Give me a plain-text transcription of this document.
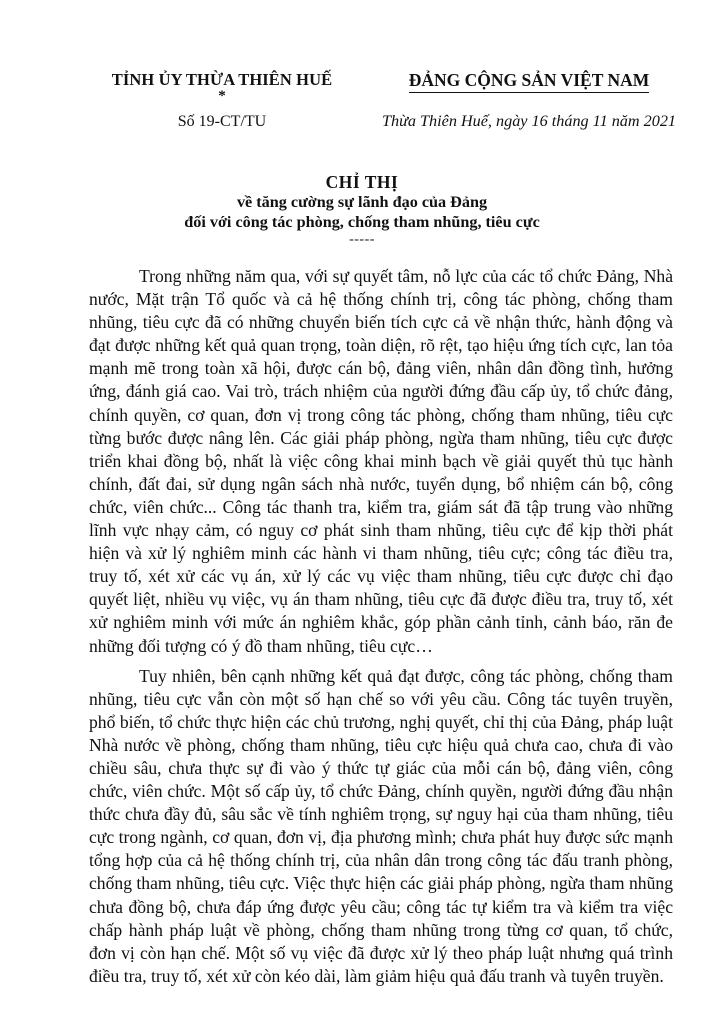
TỈNH ỦY THỪA THIÊN HUẾ
*
Số 19-CT/TU
ĐẢNG CỘNG SẢN VIỆT NAM
Thừa Thiên Huế, ngày 16 tháng 11 năm 2021
CHỈ THỊ
về tăng cường sự lãnh đạo của Đảng
đối với công tác phòng, chống tham nhũng, tiêu cực
-----

Trong những năm qua, với sự quyết tâm, nỗ lực của các tổ chức Đảng, Nhà nước, Mặt trận Tổ quốc và cả hệ thống chính trị, công tác phòng, chống tham nhũng, tiêu cực đã có những chuyển biến tích cực cả về nhận thức, hành động và đạt được những kết quả quan trọng, toàn diện, rõ rệt, tạo hiệu ứng tích cực, lan tỏa mạnh mẽ trong toàn xã hội, được cán bộ, đảng viên, nhân dân đồng tình, hưởng ứng, đánh giá cao. Vai trò, trách nhiệm của người đứng đầu cấp ủy, tổ chức đảng, chính quyền, cơ quan, đơn vị trong công tác phòng, chống tham nhũng, tiêu cực từng bước được nâng lên. Các giải pháp phòng, ngừa tham nhũng, tiêu cực được triển khai đồng bộ, nhất là việc công khai minh bạch về giải quyết thủ tục hành chính, đất đai, sử dụng ngân sách nhà nước, tuyển dụng, bổ nhiệm cán bộ, công chức, viên chức... Công tác thanh tra, kiểm tra, giám sát đã tập trung vào những lĩnh vực nhạy cảm, có nguy cơ phát sinh tham nhũng, tiêu cực để kịp thời phát hiện và xử lý nghiêm minh các hành vi tham nhũng, tiêu cực; công tác điều tra, truy tố, xét xử các vụ án, xử lý các vụ việc tham nhũng, tiêu cực được chỉ đạo quyết liệt, nhiều vụ việc, vụ án tham nhũng, tiêu cực đã được điều tra, truy tố, xét xử nghiêm minh với mức án nghiêm khắc, góp phần cảnh tỉnh, cảnh báo, răn đe những đối tượng có ý đồ tham nhũng, tiêu cực…

Tuy nhiên, bên cạnh những kết quả đạt được, công tác phòng, chống tham nhũng, tiêu cực vẫn còn một số hạn chế so với yêu cầu. Công tác tuyên truyền, phổ biến, tổ chức thực hiện các chủ trương, nghị quyết, chỉ thị của Đảng, pháp luật Nhà nước về phòng, chống tham nhũng, tiêu cực hiệu quả chưa cao, chưa đi vào chiều sâu, chưa thực sự đi vào ý thức tự giác của mỗi cán bộ, đảng viên, công chức, viên chức. Một số cấp ủy, tổ chức Đảng, chính quyền, người đứng đầu nhận thức chưa đầy đủ, sâu sắc về tính nghiêm trọng, sự nguy hại của tham nhũng, tiêu cực trong ngành, cơ quan, đơn vị, địa phương mình; chưa phát huy được sức mạnh tổng hợp của cả hệ thống chính trị, của nhân dân trong công tác đấu tranh phòng, chống tham nhũng, tiêu cực. Việc thực hiện các giải pháp phòng, ngừa tham nhũng chưa đồng bộ, chưa đáp ứng được yêu cầu; công tác tự kiểm tra và kiểm tra việc chấp hành pháp luật về phòng, chống tham nhũng trong từng cơ quan, tổ chức, đơn vị còn hạn chế. Một số vụ việc đã được xử lý theo pháp luật nhưng quá trình điều tra, truy tố, xét xử còn kéo dài, làm giảm hiệu quả đấu tranh và tuyên truyền.
